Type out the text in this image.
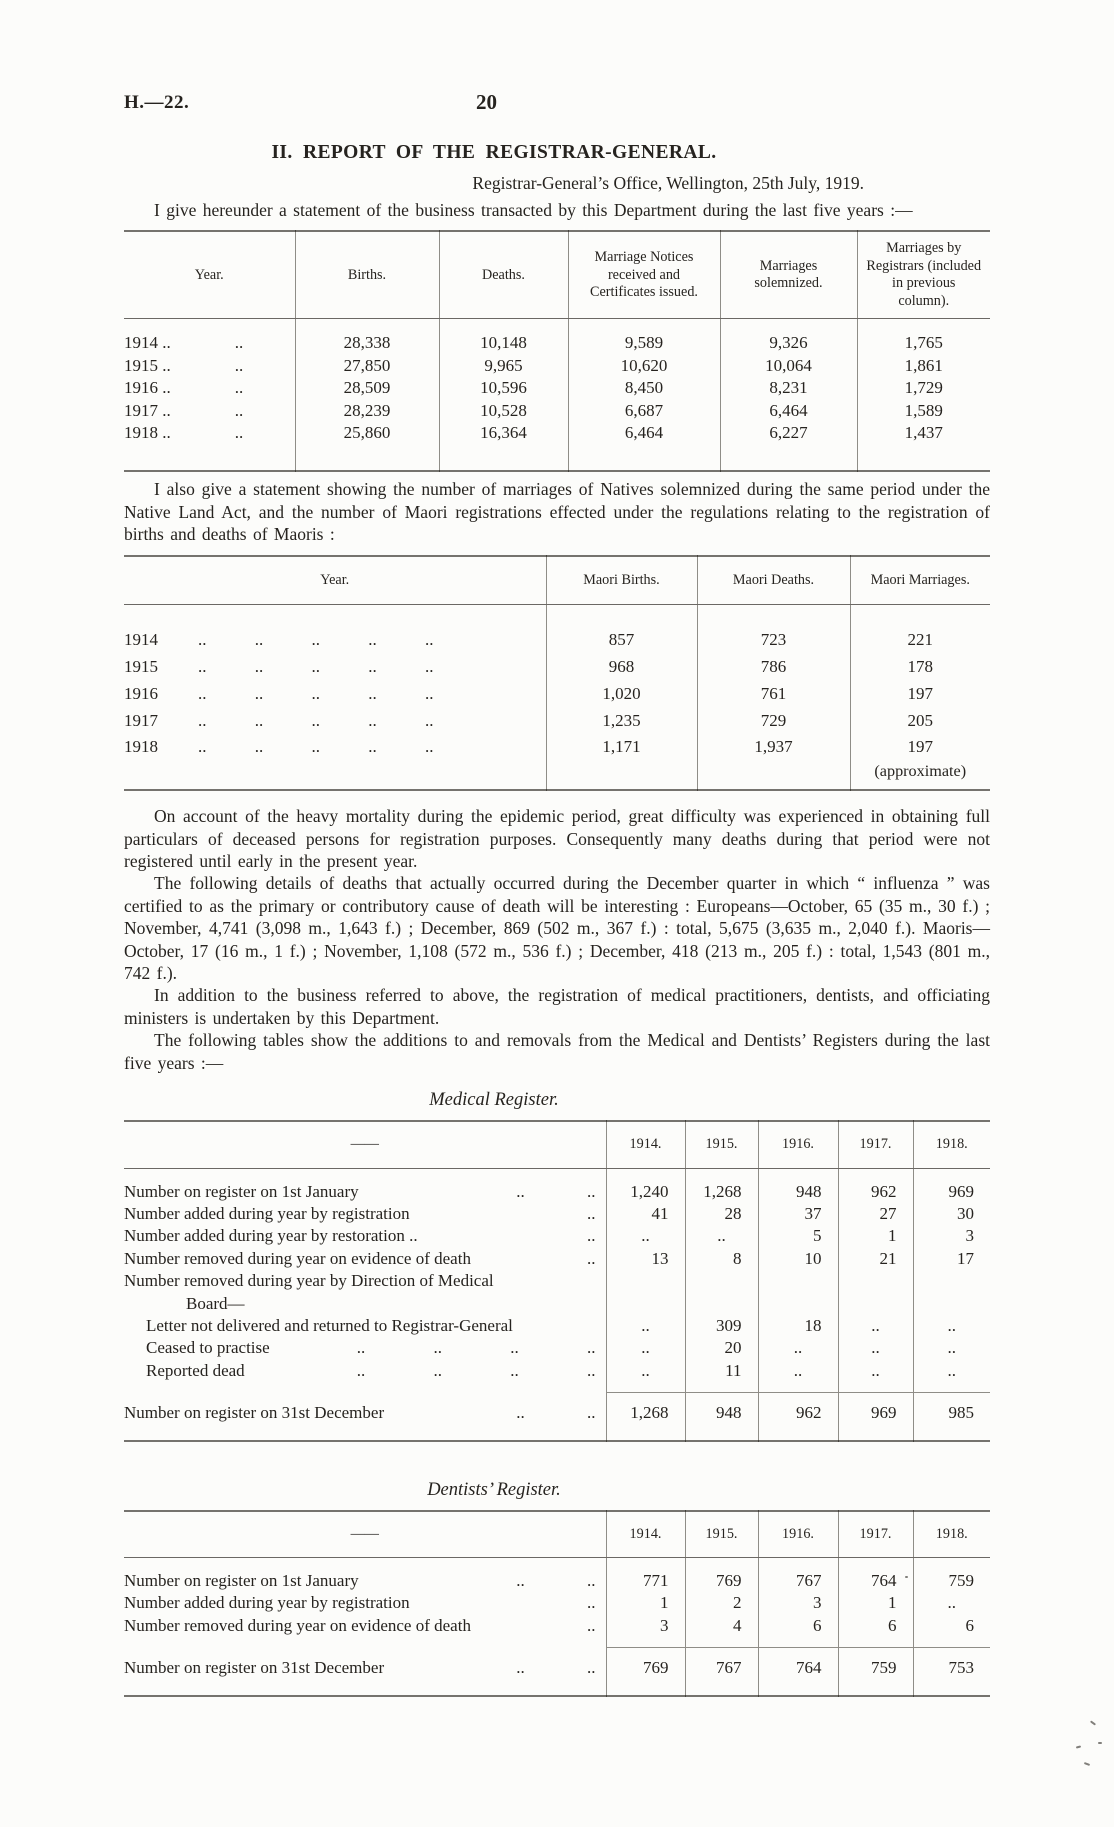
H.—22.	20
II. REPORT OF THE REGISTRAR-GENERAL.
Registrar-General’s Office, Wellington, 25th July, 1919.

I give hereunder a statement of the business transacted by this Department during the last five years :—

Year.	Births.	Deaths.	Marriage Notices received and Certificates issued.	Marriages solemnized.	Marriages by Registrars (included in previous column).
1914 .. ..	28,338	10,148	9,589	9,326	1,765
1915 .. ..	27,850	9,965	10,620	10,064	1,861
1916 .. ..	28,509	10,596	8,450	8,231	1,729
1917 .. ..	28,239	10,528	6,687	6,464	1,589
1918 .. ..	25,860	16,364	6,464	6,227	1,437

I also give a statement showing the number of marriages of Natives solemnized during the same period under the Native Land Act, and the number of Maori registrations effected under the regulations relating to the registration of births and deaths of Maoris :

Year.	Maori Births.	Maori Deaths.	Maori Marriages.
1914 .. .. .. .. ..	857	723	221
1915 .. .. .. .. ..	968	786	178
1916 .. .. .. .. ..	1,020	761	197
1917 .. .. .. .. ..	1,235	729	205
1918 .. .. .. .. ..	1,171	1,937	197
(approximate)

On account of the heavy mortality during the epidemic period, great difficulty was experienced in obtaining full particulars of deceased persons for registration purposes. Consequently many deaths during that period were not registered until early in the present year.

The following details of deaths that actually occurred during the December quarter in which “ influenza ” was certified to as the primary or contributory cause of death will be interesting : Europeans—October, 65 (35 m., 30 f.) ; November, 4,741 (3,098 m., 1,643 f.) ; December, 869 (502 m., 367 f.) : total, 5,675 (3,635 m., 2,040 f.). Maoris—October, 17 (16 m., 1 f.) ; November, 1,108 (572 m., 536 f.) ; December, 418 (213 m., 205 f.) : total, 1,543 (801 m., 742 f.).

In addition to the business referred to above, the registration of medical practitioners, dentists, and officiating ministers is undertaken by this Department.

The following tables show the additions to and removals from the Medical and Dentists’ Registers during the last five years :—

Medical Register.
——	1914.	1915.	1916.	1917.	1918.

Number on register on 1st January .. ..	1,240	1,268	948	962	969

Number added during year by registration ..	41	28	37	27	30

Number added during year by restoration .. ..	..	..	5	1	3

Number removed during year on evidence of death ..	13	8	10	21	17

Number removed during year by Direction of Medical
Board—					

Letter not delivered and returned to Registrar-General	..	309	18	..	..

Ceased to practise .. .. .. ..	..	20	..	..	..

Reported dead .. .. .. ..	..	11	..	..	..

Number on register on 31st December .. ..	1,268	948	962	969	985
Dentists’ Register.
——	1914.	1915.	1916.	1917.	1918.

Number on register on 1st January .. ..	771	769	767	764	759

Number added during year by registration ..	1	2	3	1	..

Number removed during year on evidence of death ..	3	4	6	6	6

Number on register on 31st December .. ..	769	767	764	759	753
